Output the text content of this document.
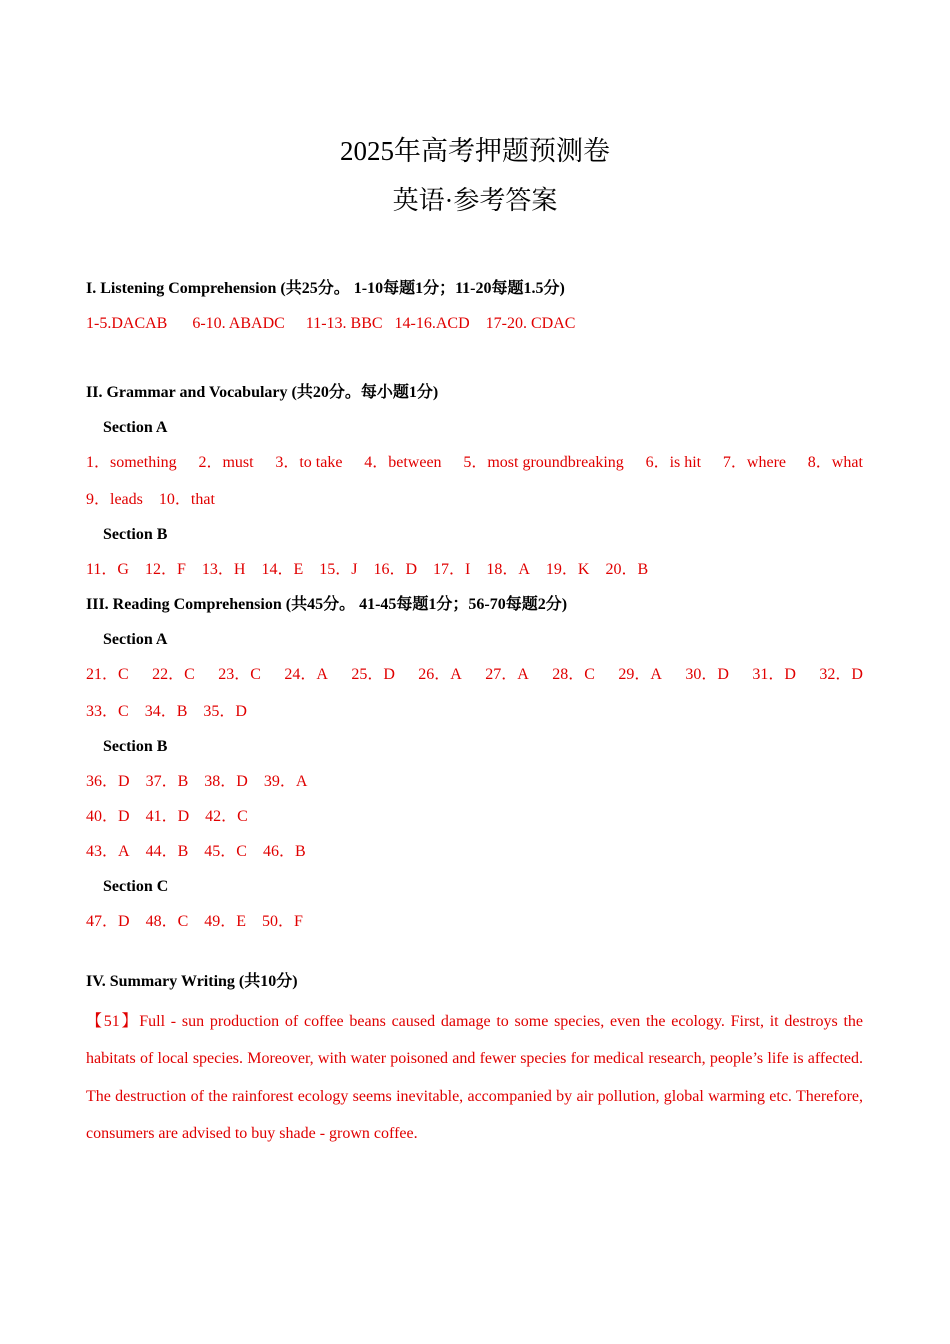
2025年高考押题预测卷
英语·参考答案
I. Listening Comprehension (共25分。 1-10每题1分；11-20每题1.5分)
1-5.DACAB 6-10. ABADC 11-13. BBC 14-16.ACD 17-20. CDAC
II. Grammar and Vocabulary (共20分。每小题1分)
Section A
1．something 2．must 3．to take 4．between 5．most groundbreaking 6．is hit 7．where 8．what
9．leads 10．that
Section B
11．G 12．F 13．H 14．E 15．J 16．D 17．I 18．A 19．K 20．B
III. Reading Comprehension (共45分。 41-45每题1分；56-70每题2分)
Section A
21．C 22．C 23．C 24．A 25．D 26．A 27．A 28．C 29．A 30．D 31．D 32．D
33．C 34．B 35．D
Section B
36．D 37．B 38．D 39．A
40．D 41．D 42．C
43．A 44．B 45．C 46．B
Section C
47．D 48．C 49．E 50．F
IV. Summary Writing (共10分)
【51】Full - sun production of coffee beans caused damage to some species, even the ecology. First, it destroys the habitats of local species. Moreover, with water poisoned and fewer species for medical research, people’s life is affected. The destruction of the rainforest ecology seems inevitable, accompanied by air pollution, global warming etc. Therefore, consumers are advised to buy shade - grown coffee.
